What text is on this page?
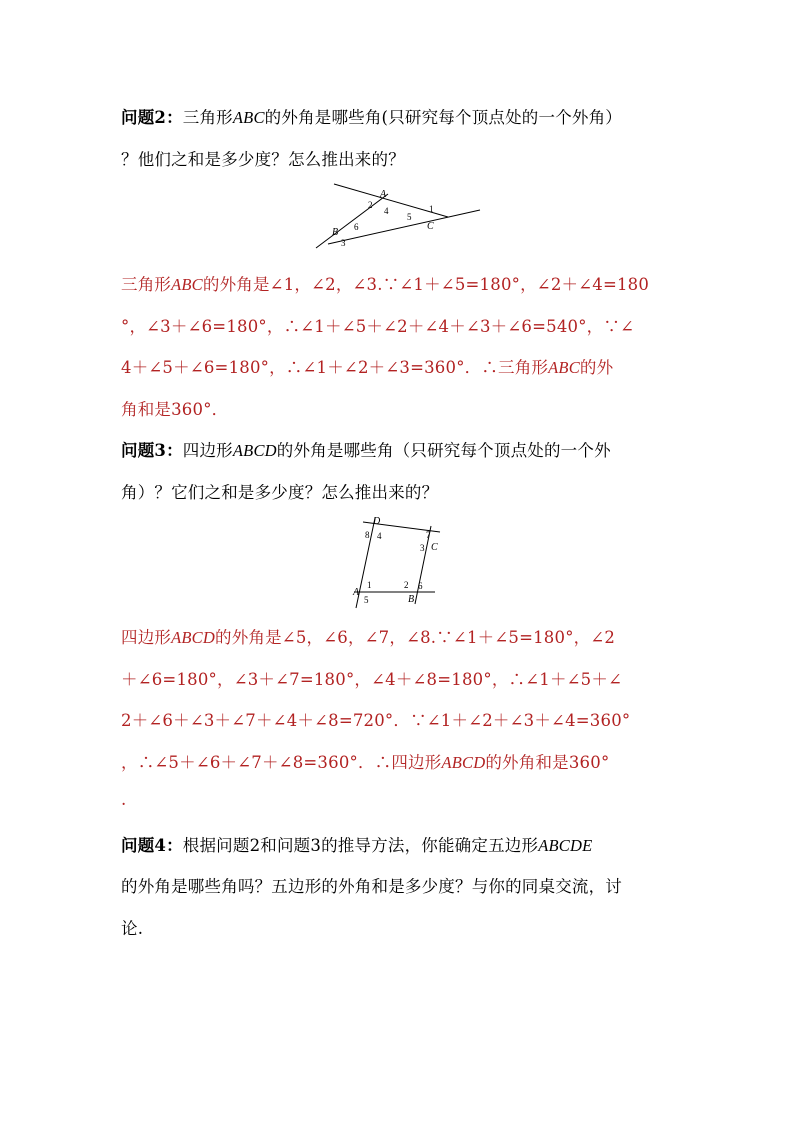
问题2：三角形ABC的外角是哪些角(只研究每个顶点处的一个外角）
？他们之和是多少度？怎么推出来的？
A
B
C
1
2
3
4
5
6
三角形ABC的外角是∠1，∠2，∠3.∵∠1＋∠5=180°，∠2＋∠4=180
°，∠3＋∠6=180°，∴∠1＋∠5＋∠2＋∠4＋∠3＋∠6=540°，∵∠
4＋∠5＋∠6=180°，∴∠1＋∠2＋∠3=360°．∴三角形ABC的外
角和是360°．
问题3：四边形ABCD的外角是哪些角（只研究每个顶点处的一个外
角）？它们之和是多少度？怎么推出来的？
D
C
A
B
1	2
3
4
5
6
7
8
四边形ABCD的外角是∠5，∠6，∠7，∠8.∵∠1＋∠5=180°，∠2
＋∠6=180°，∠3＋∠7=180°，∠4＋∠8=180°，∴∠1＋∠5＋∠
2＋∠6＋∠3＋∠7＋∠4＋∠8=720°．∵∠1＋∠2＋∠3＋∠4=360°
，∴∠5＋∠6＋∠7＋∠8=360°．∴四边形ABCD的外角和是360°
.
问题4：根据问题2和问题3的推导方法，你能确定五边形ABCDE
的外角是哪些角吗？五边形的外角和是多少度？与你的同桌交流，讨
论.
